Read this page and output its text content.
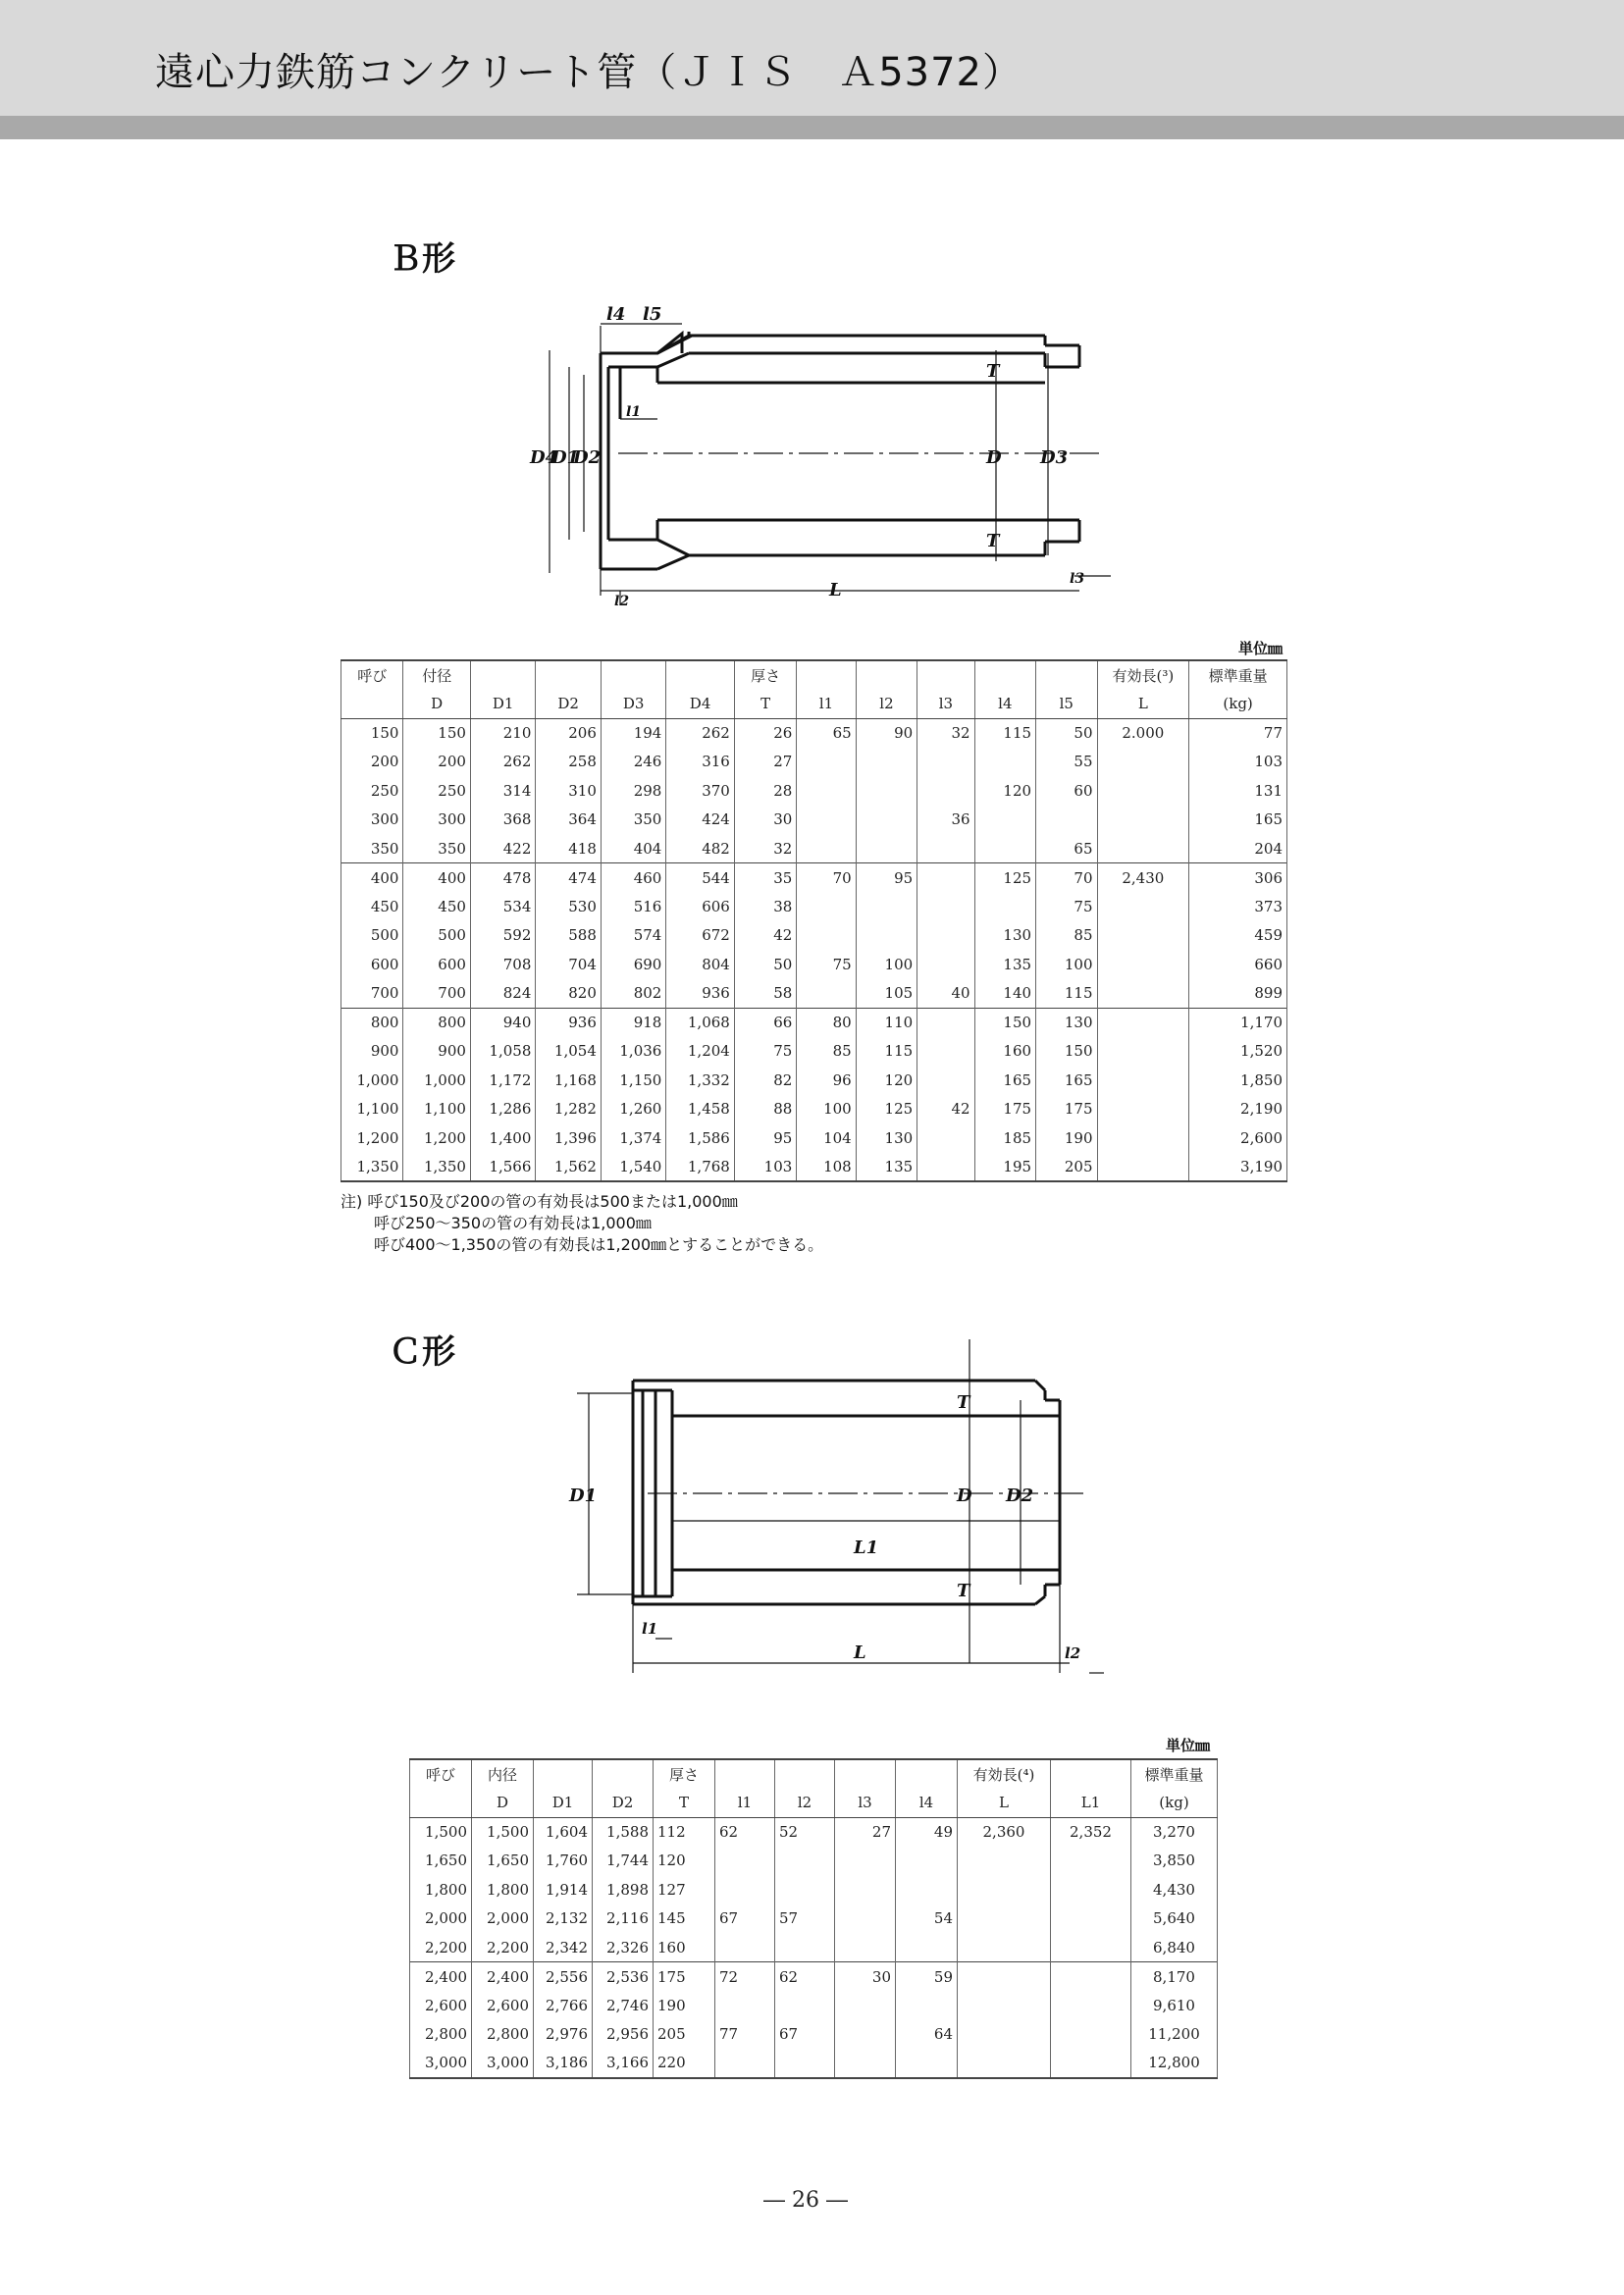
遠心力鉄筋コンクリート管（ＪＩＳ　Ａ5372）
Ｂ形
l4 l5
l1
l2
l3
D4
D1
D2	D D3
T
T
L
単位㎜
呼び	付径					厚さ						有効長(³)	標準重量
	D	D1	D2	D3	D4	T	l1	l2	l3	l4	l5	L	(kg)
150	150	210	206	194	262	26	65	90	32	115	50	2.000	77
200	200	262	258	246	316	27					55		103
250	250	314	310	298	370	28				120	60		131
300	300	368	364	350	424	30			36				165
350	350	422	418	404	482	32					65		204
400	400	478	474	460	544	35	70	95		125	70	2,430	306
450	450	534	530	516	606	38					75		373
500	500	592	588	574	672	42				130	85		459
600	600	708	704	690	804	50	75	100		135	100		660
700	700	824	820	802	936	58		105	40	140	115		899
800	800	940	936	918	1,068	66	80	110		150	130		1,170
900	900	1,058	1,054	1,036	1,204	75	85	115		160	150		1,520
1,000	1,000	1,172	1,168	1,150	1,332	82	96	120		165	165		1,850
1,100	1,100	1,286	1,282	1,260	1,458	88	100	125	42	175	175		2,190
1,200	1,200	1,400	1,396	1,374	1,586	95	104	130		185	190		2,600
1,350	1,350	1,566	1,562	1,540	1,768	103	108	135		195	205		3,190
注) 呼び150及び200の管の有効長は500または1,000㎜
呼び250～350の管の有効長は1,000㎜
呼び400～1,350の管の有効長は1,200㎜とすることができる。
Ｃ形
D1	D D2
T
T
L1
l1
L	l2
単位㎜
呼び	内径			厚さ					有効長(⁴)		標準重量
	D	D1	D2	T	l1	l2	l3	l4	L	L1	(kg)
1,500	1,500	1,604	1,588	112	62	52	27	49	2,360	2,352	3,270
1,650	1,650	1,760	1,744	120							3,850
1,800	1,800	1,914	1,898	127							4,430
2,000	2,000	2,132	2,116	145	67	57		54			5,640
2,200	2,200	2,342	2,326	160							6,840
2,400	2,400	2,556	2,536	175	72	62	30	59			8,170
2,600	2,600	2,766	2,746	190							9,610
2,800	2,800	2,976	2,956	205	77	67		64			11,200
3,000	3,000	3,186	3,166	220							12,800
― 26 ―
